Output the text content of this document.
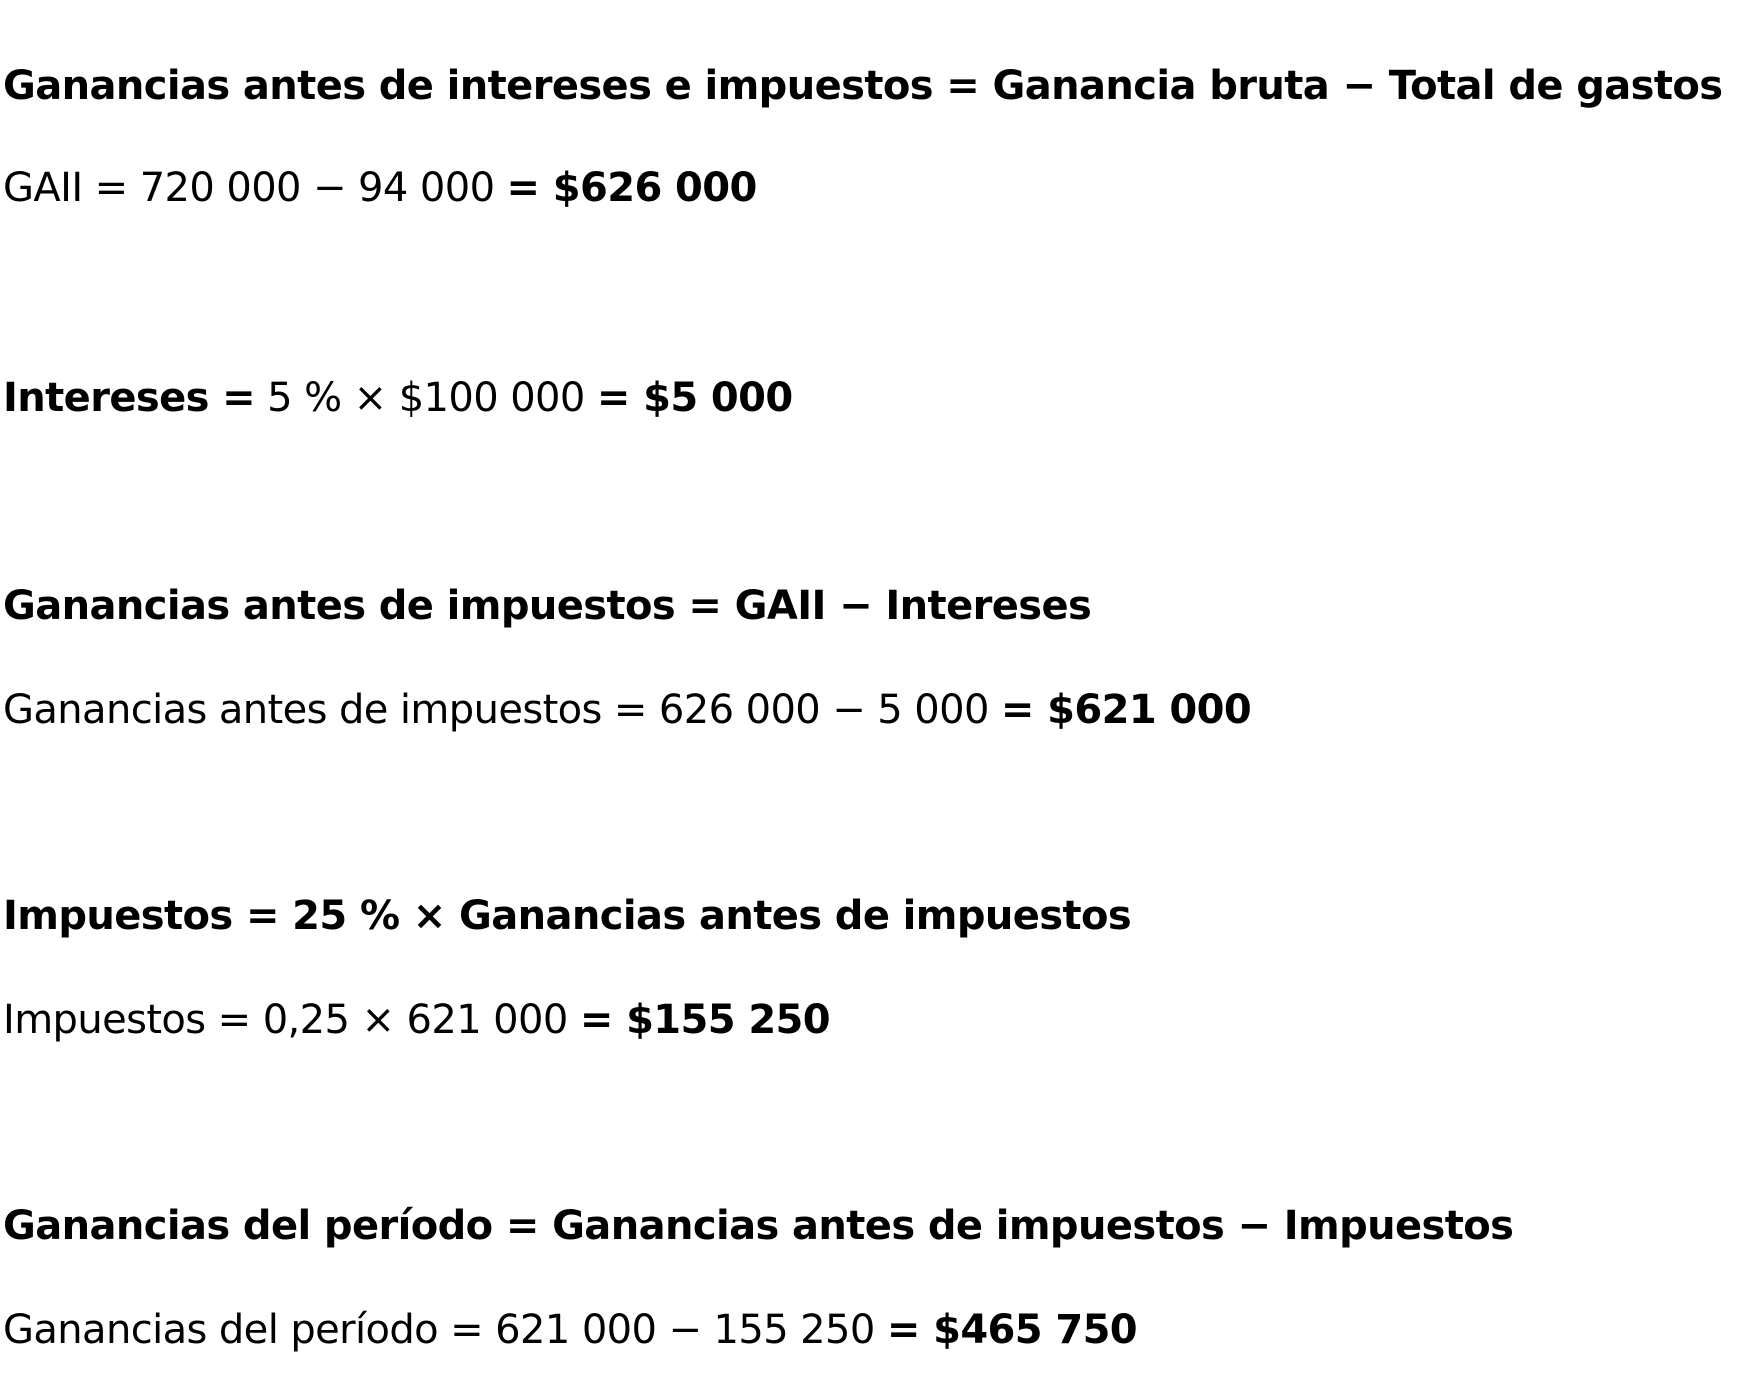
Ganancias antes de intereses e impuestos = Ganancia bruta − Total de gastos

GAII = 720 000 − 94 000 = $626 000

Intereses = 5 % × $100 000 = $5 000

Ganancias antes de impuestos = GAII − Intereses

Ganancias antes de impuestos = 626 000 − 5 000 = $621 000

Impuestos = 25 % × Ganancias antes de impuestos

Impuestos = 0,25 × 621 000 = $155 250

Ganancias del período = Ganancias antes de impuestos − Impuestos

Ganancias del período = 621 000 − 155 250 = $465 750
